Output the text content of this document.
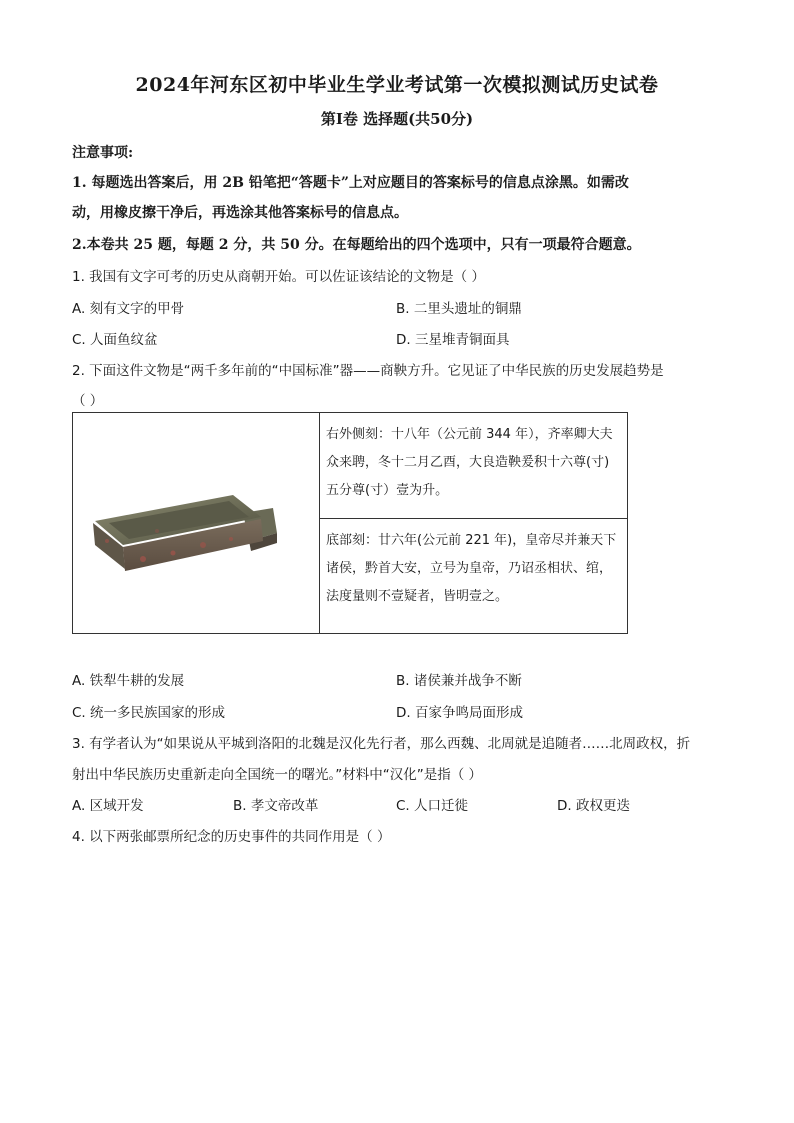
2024年河东区初中毕业生学业考试第一次模拟测试历史试卷
第Ⅰ卷 选择题(共50分)
注意事项:
1. 每题选出答案后，用 2B 铅笔把“答题卡”上对应题目的答案标号的信息点涂黑。如需改
动，用橡皮擦干净后，再选涂其他答案标号的信息点。
2.本卷共 25 题，每题 2 分，共 50 分。在每题给出的四个选项中，只有一项最符合题意。
1. 我国有文字可考的历史从商朝开始。可以佐证该结论的文物是（ ）
A. 刻有文字的甲骨	B. 二里头遗址的铜鼎
C. 人面鱼纹盆	D. 三星堆青铜面具
2. 下面这件文物是“两千多年前的“中国标准”器——商鞅方升。它见证了中华民族的历史发展趋势是
（ ）
	右外侧刻：十八年（公元前 344 年），齐率卿大夫众来聘，冬十二月乙酉，大良造鞅爰积十六尊(寸)五分尊(寸）壹为升。
底部刻：廿六年(公元前 221 年)，皇帝尽并兼天下诸侯，黔首大安，立号为皇帝，乃诏丞相状、绾，法度量则不壹疑者，皆明壹之。
A. 铁犁牛耕的发展	B. 诸侯兼并战争不断
C. 统一多民族国家的形成	D. 百家争鸣局面形成
3. 有学者认为“如果说从平城到洛阳的北魏是汉化先行者，那么西魏、北周就是追随者……北周政权，折
射出中华民族历史重新走向全国统一的曙光。”材料中“汉化”是指（ ）
A. 区域开发	B. 孝文帝改革	C. 人口迁徙	D. 政权更迭
4. 以下两张邮票所纪念的历史事件的共同作用是（ ）
